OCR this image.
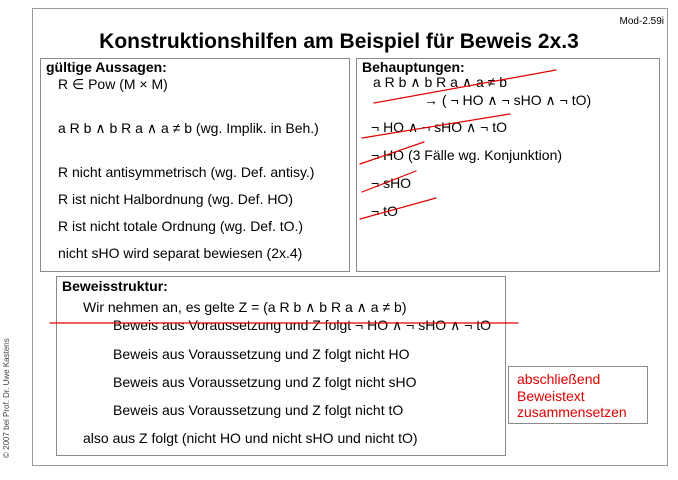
Mod-2.59i
Konstruktionshilfen am Beispiel für Beweis 2x.3
gültige Aussagen:
R ∈ Pow (M × M)
a R b ∧ b R a ∧ a ≠ b (wg. Implik. in Beh.)
R nicht antisymmetrisch (wg. Def. antisy.)
R ist nicht Halbordnung (wg. Def. HO)
R ist nicht totale Ordnung (wg. Def. tO.)
nicht sHO wird separat bewiesen (2x.4)
Behauptungen:
a R b ∧ b R a ∧ a ≠ b
→ ( ¬ HO ∧ ¬ sHO ∧ ¬ tO)
¬ HO ∧ ¬ sHO ∧ ¬ tO
¬ HO (3 Fälle wg. Konjunktion)
¬ sHO
¬ tO
Beweisstruktur:
Wir nehmen an, es gelte Z = (a R b ∧ b R a ∧ a ≠ b)
Beweis aus Voraussetzung und Z folgt ¬ HO ∧ ¬ sHO ∧ ¬ tO
Beweis aus Voraussetzung und Z folgt nicht HO
Beweis aus Voraussetzung und Z folgt nicht sHO
Beweis aus Voraussetzung und Z folgt nicht tO
also aus Z folgt (nicht HO und nicht sHO und nicht tO)
abschließend
Beweistext
zusammensetzen
© 2007 bei Prof. Dr. Uwe Kastens
